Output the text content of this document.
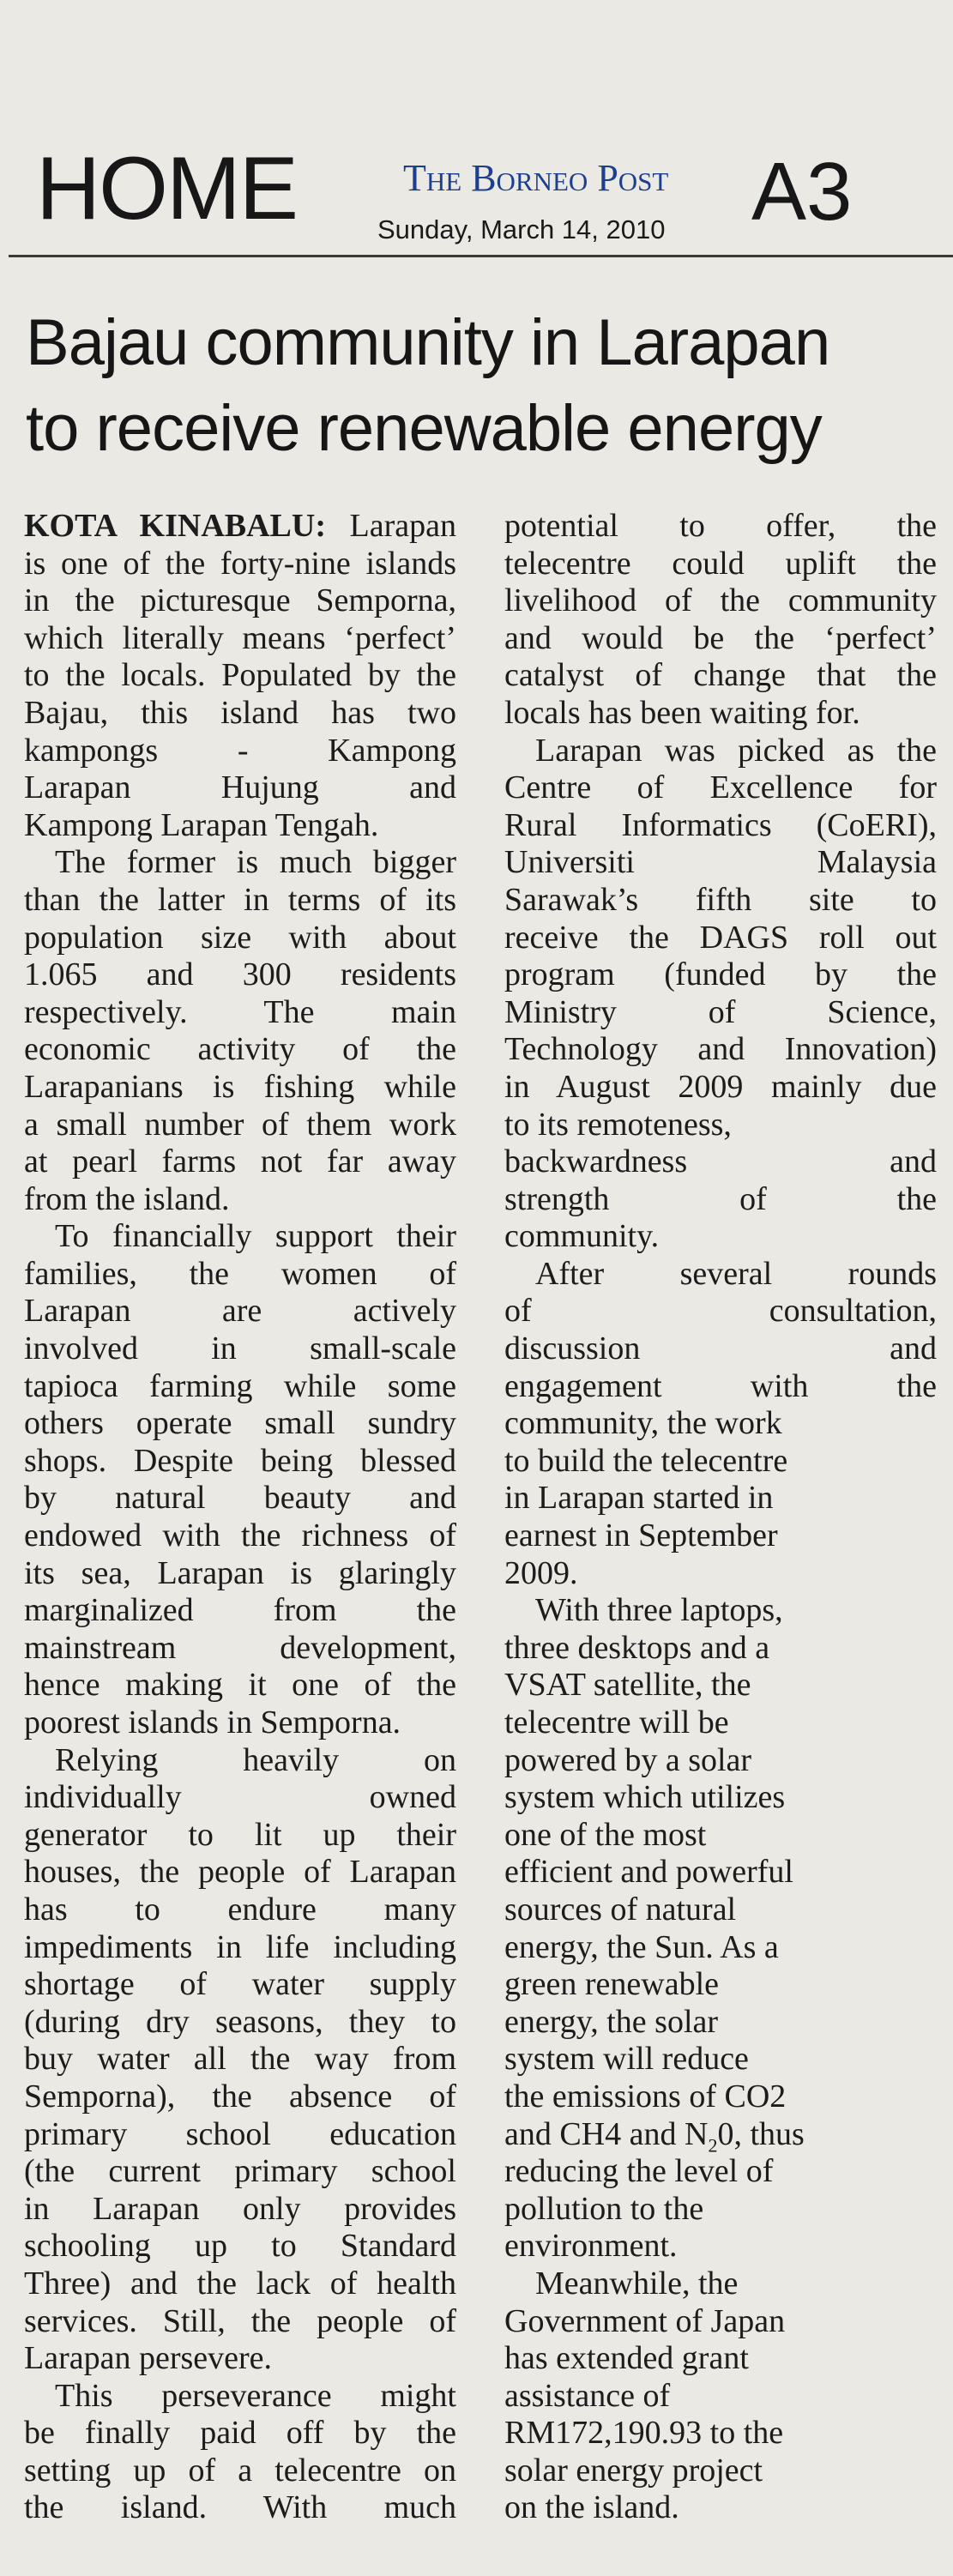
HOME	The Borneo Post
Sunday, March 14, 2010 A3
Bajau community in Larapan
to receive renewable energy
KOTA KINABALU: Larapan
is one of the forty-nine islands
in the picturesque Semporna,
which literally means ‘perfect’
to the locals. Populated by the
Bajau, this island has two
kampongs - Kampong
Larapan Hujung and
Kampong Larapan Tengah.
The former is much bigger
than the latter in terms of its
population size with about
1.065 and 300 residents
respectively. The main
economic activity of the
Larapanians is fishing while
a small number of them work
at pearl farms not far away
from the island.
To financially support their
families, the women of
Larapan are actively
involved in small-scale
tapioca farming while some
others operate small sundry
shops. Despite being blessed
by natural beauty and
endowed with the richness of
its sea, Larapan is glaringly
marginalized from the
mainstream development,
hence making it one of the
poorest islands in Semporna.
Relying heavily on
individually owned
generator to lit up their
houses, the people of Larapan
has to endure many
impediments in life including
shortage of water supply
(during dry seasons, they to
buy water all the way from
Semporna), the absence of
primary school education
(the current primary school
in Larapan only provides
schooling up to Standard
Three) and the lack of health
services. Still, the people of
Larapan persevere.
This perseverance might
be finally paid off by the
setting up of a telecentre on
the island. With much
potential to offer, the
telecentre could uplift the
livelihood of the community
and would be the ‘perfect’
catalyst of change that the
locals has been waiting for.
Larapan was picked as the
Centre of Excellence for
Rural Informatics (CoERI),
Universiti Malaysia
Sarawak’s fifth site to
receive the DAGS roll out
program (funded by the
Ministry of Science,
Technology and Innovation)
in August 2009 mainly due
to its remoteness,
backwardness and
strength of the
community.
After several rounds
of consultation,
discussion and
engagement with the
community, the work
to build the telecentre
in Larapan started in
earnest in September
2009.
With three laptops,
three desktops and a
VSAT satellite, the
telecentre will be
powered by a solar
system which utilizes
one of the most
efficient and powerful
sources of natural
energy, the Sun. As a
green renewable
energy, the solar
system will reduce
the emissions of CO2
and CH4 and $N_20$, thus
reducing the level of
pollution to the
environment.
Meanwhile, the
Government of Japan
has extended grant
assistance of
RM172,190.93 to the
solar energy project
on the island.
